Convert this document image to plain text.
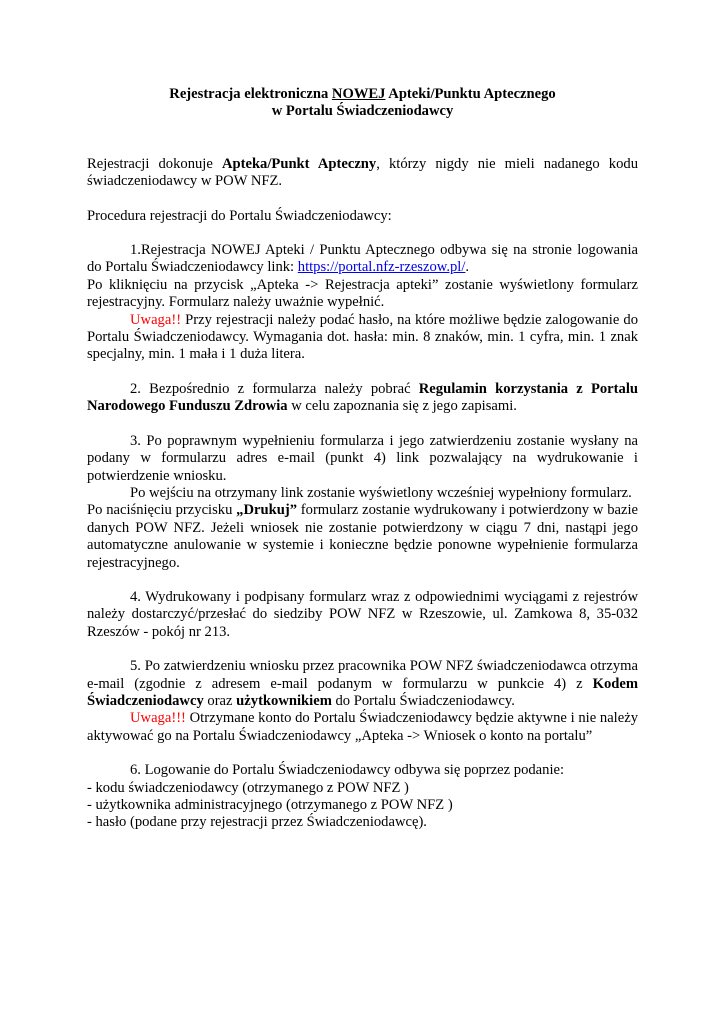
Rejestracja elektroniczna NOWEJ Apteki/Punktu Aptecznego
w Portalu Świadczeniodawcy

Rejestracji dokonuje Apteka/Punkt Apteczny, którzy nigdy nie mieli nadanego kodu świadczeniodawcy w POW NFZ.

Procedura rejestracji do Portalu Świadczeniodawcy:

1.Rejestracja NOWEJ Apteki / Punktu Aptecznego odbywa się na stronie logowania do Portalu Świadczeniodawcy link: https://portal.nfz-rzeszow.pl/.

Po kliknięciu na przycisk „Apteka -> Rejestracja apteki” zostanie wyświetlony formularz rejestracyjny. Formularz należy uważnie wypełnić.

Uwaga!! Przy rejestracji należy podać hasło, na które możliwe będzie zalogowanie do Portalu Świadczeniodawcy. Wymagania dot. hasła: min. 8 znaków, min. 1 cyfra, min. 1 znak specjalny, min. 1 mała i 1 duża litera.

2. Bezpośrednio z formularza należy pobrać Regulamin korzystania z Portalu Narodowego Funduszu Zdrowia w celu zapoznania się z jego zapisami.

3. Po poprawnym wypełnieniu formularza i jego zatwierdzeniu zostanie wysłany na podany w formularzu adres e-mail (punkt 4) link pozwalający na wydrukowanie i potwierdzenie wniosku.

Po wejściu na otrzymany link zostanie wyświetlony wcześniej wypełniony formularz.

Po naciśnięciu przycisku „Drukuj” formularz zostanie wydrukowany i potwierdzony w bazie danych POW NFZ. Jeżeli wniosek nie zostanie potwierdzony w ciągu 7 dni, nastąpi jego automatyczne anulowanie w systemie i konieczne będzie ponowne wypełnienie formularza rejestracyjnego.

4. Wydrukowany i podpisany formularz wraz z odpowiednimi wyciągami z rejestrów należy dostarczyć/przesłać do siedziby POW NFZ w Rzeszowie, ul. Zamkowa 8, 35-032 Rzeszów - pokój nr 213.

5. Po zatwierdzeniu wniosku przez pracownika POW NFZ świadczeniodawca otrzyma e-mail (zgodnie z adresem e-mail podanym w formularzu w punkcie 4) z Kodem Świadczeniodawcy oraz użytkownikiem do Portalu Świadczeniodawcy.

Uwaga!!! Otrzymane konto do Portalu Świadczeniodawcy będzie aktywne i nie należy aktywować go na Portalu Świadczeniodawcy „Apteka -> Wniosek o konto na portalu”

6. Logowanie do Portalu Świadczeniodawcy odbywa się poprzez podanie:

- kodu świadczeniodawcy (otrzymanego z POW NFZ )

- użytkownika administracyjnego (otrzymanego z POW NFZ )

- hasło (podane przy rejestracji przez Świadczeniodawcę).
